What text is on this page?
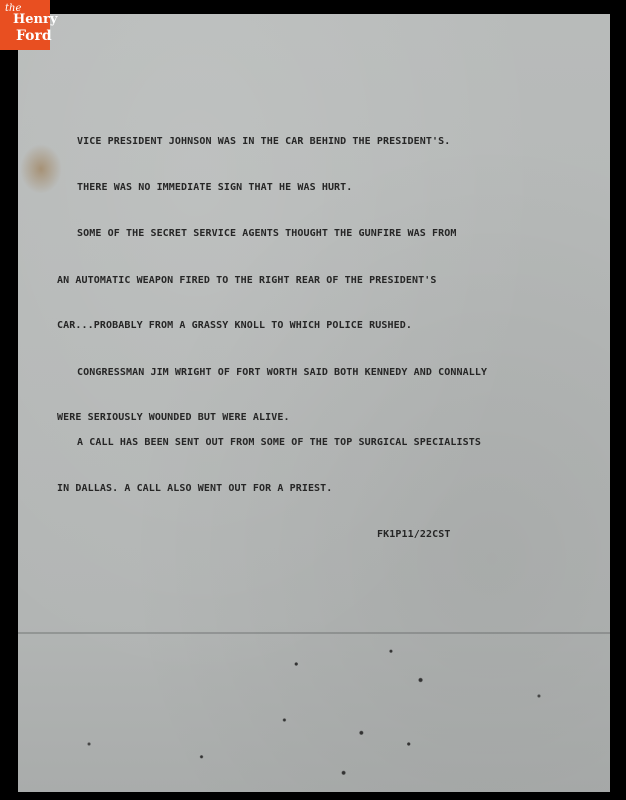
VICE PRESIDENT JOHNSON WAS IN THE CAR BEHIND THE PRESIDENT'S.

THERE WAS NO IMMEDIATE SIGN THAT HE WAS HURT.

SOME OF THE SECRET SERVICE AGENTS THOUGHT THE GUNFIRE WAS FROM

AN AUTOMATIC WEAPON FIRED TO THE RIGHT REAR OF THE PRESIDENT'S

CAR...PROBABLY FROM A GRASSY KNOLL TO WHICH POLICE RUSHED.

CONGRESSMAN JIM WRIGHT OF FORT WORTH SAID BOTH KENNEDY AND CONNALLY

WERE SERIOUSLY WOUNDED BUT WERE ALIVE.

A CALL HAS BEEN SENT OUT FROM SOME OF THE TOP SURGICAL SPECIALISTS

IN DALLAS. A CALL ALSO WENT OUT FOR A PRIEST.

FK1P11/22CST

the
Henry
Ford
